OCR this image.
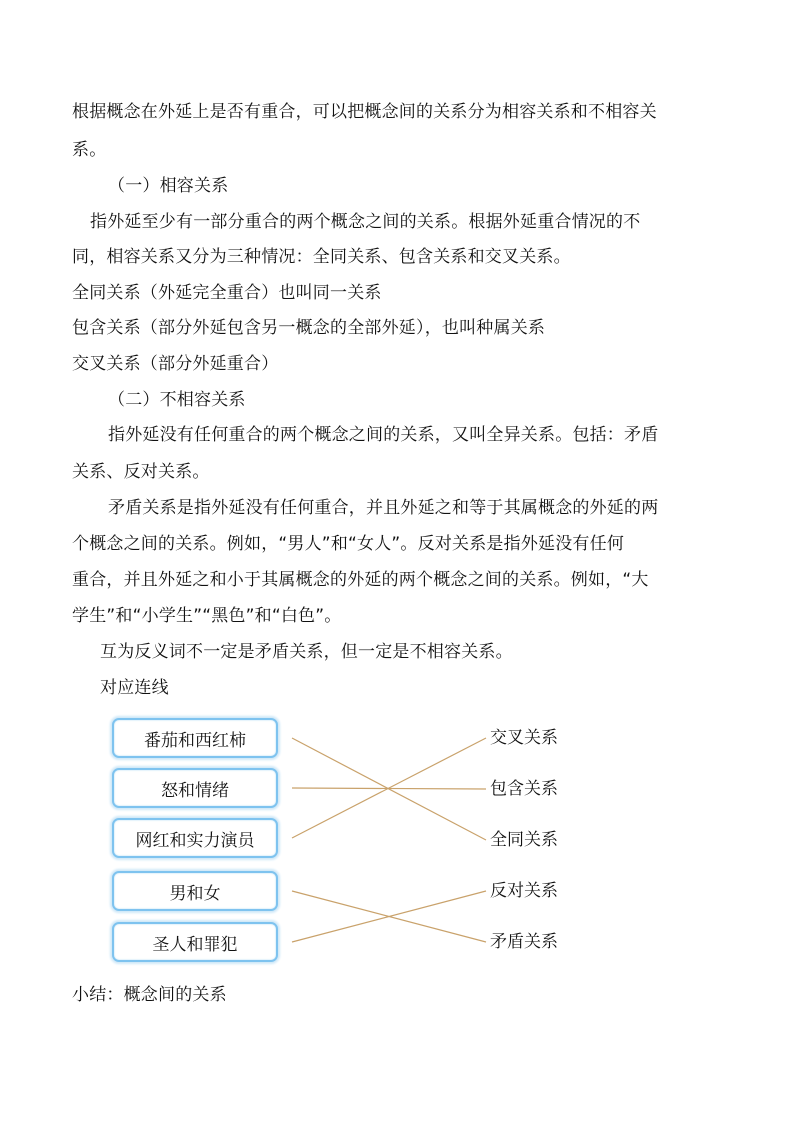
根据概念在外延上是否有重合，可以把概念间的关系分为相容关系和不相容关
系。
（一）相容关系
指外延至少有一部分重合的两个概念之间的关系。根据外延重合情况的不
同，相容关系又分为三种情况：全同关系、包含关系和交叉关系。
全同关系（外延完全重合）也叫同一关系
包含关系（部分外延包含另一概念的全部外延），也叫种属关系
交叉关系（部分外延重合）
（二）不相容关系
指外延没有任何重合的两个概念之间的关系，又叫全异关系。包括：矛盾
关系、反对关系。
矛盾关系是指外延没有任何重合，并且外延之和等于其属概念的外延的两
个概念之间的关系。例如，“男人”和“女人”。反对关系是指外延没有任何
重合，并且外延之和小于其属概念的外延的两个概念之间的关系。例如，“大
学生”和“小学生”“黑色”和“白色”。
互为反义词不一定是矛盾关系，但一定是不相容关系。
对应连线
番茄和西红柿
怒和情绪
网红和实力演员
男和女
圣人和罪犯
交叉关系
包含关系
全同关系
反对关系
矛盾关系
小结：概念间的关系
